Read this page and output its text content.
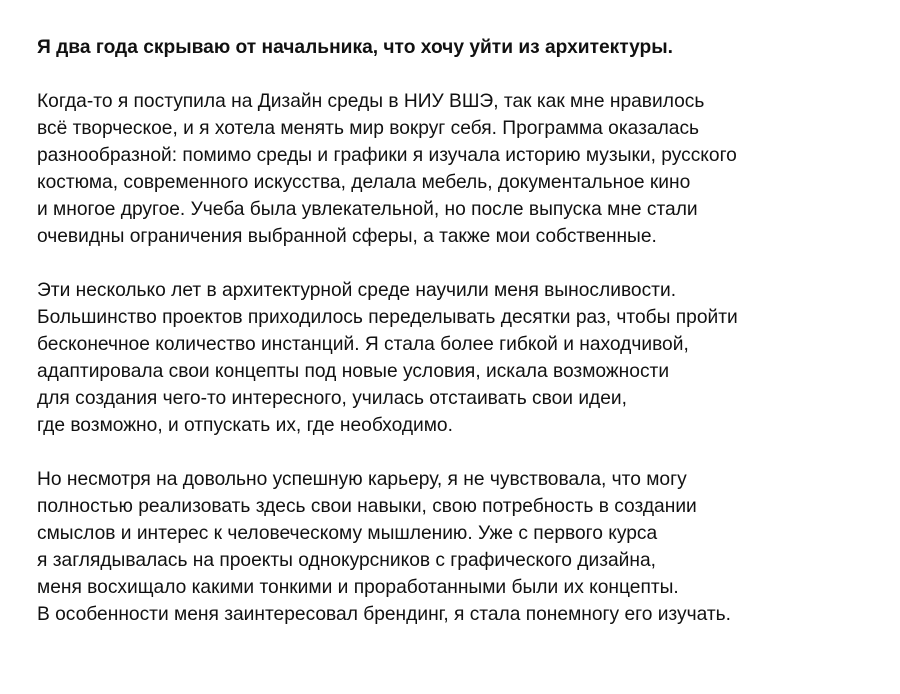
Я два года скрываю от начальника, что хочу уйти из архитектуры.

Когда-то я поступила на Дизайн среды в НИУ ВШЭ, так как мне нравилось
всё творческое, и я хотела менять мир вокруг себя. Программа оказалась
разнообразной: помимо среды и графики я изучала историю музыки, русского
костюма, современного искусства, делала мебель, документальное кино
и многое другое. Учеба была увлекательной, но после выпуска мне стали
очевидны ограничения выбранной сферы, а также мои собственные.
Эти несколько лет в архитектурной среде научили меня выносливости.
Большинство проектов приходилось переделывать десятки раз, чтобы пройти
бесконечное количество инстанций. Я стала более гибкой и находчивой,
адаптировала свои концепты под новые условия, искала возможности
для создания чего-то интересного, училась отстаивать свои идеи,
где возможно, и отпускать их, где необходимо.
Но несмотря на довольно успешную карьеру, я не чувствовала, что могу
полностью реализовать здесь свои навыки, свою потребность в создании
смыслов и интерес к человеческому мышлению. Уже с первого курса
я заглядывалась на проекты однокурсников с графического дизайна,
меня восхищало какими тонкими и проработанными были их концепты.
В особенности меня заинтересовал брендинг, я стала понемногу его изучать.
